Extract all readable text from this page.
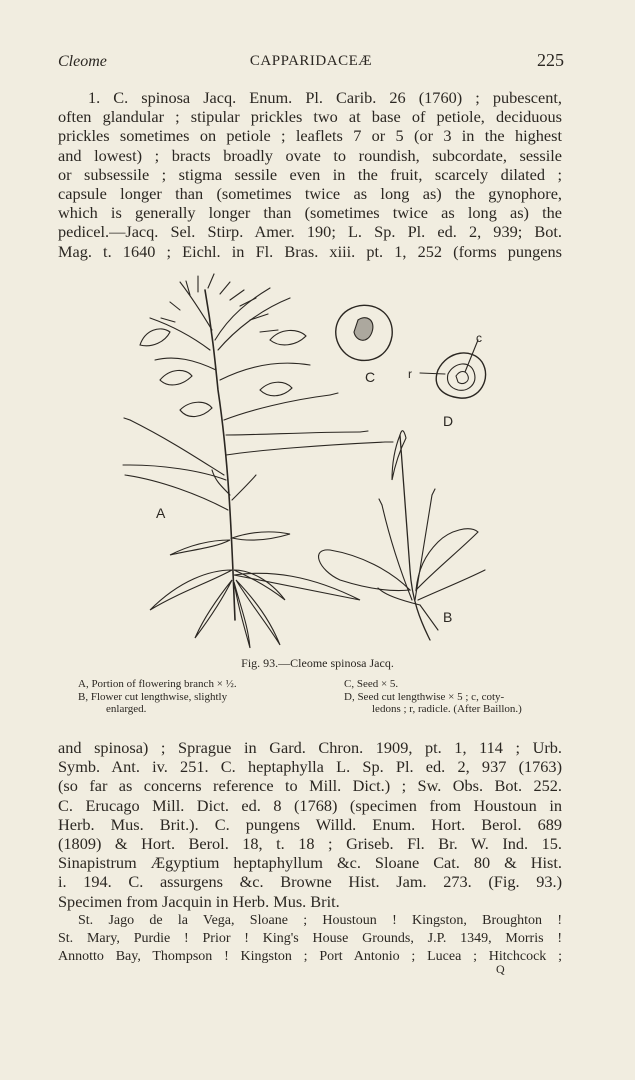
Cleome	CAPPARIDACEÆ	225
1. C. spinosa Jacq. Enum. Pl. Carib. 26 (1760) ; pubescent,
often glandular ; stipular prickles two at base of petiole, deciduous
prickles sometimes on petiole ; leaflets 7 or 5 (or 3 in the highest
and lowest) ; bracts broadly ovate to roundish, subcordate, sessile
or subsessile ; stigma sessile even in the fruit, scarcely dilated ;
capsule longer than (sometimes twice as long as) the gynophore,
which is generally longer than (sometimes twice as long as) the
pedicel.—Jacq. Sel. Stirp. Amer. 190; L. Sp. Pl. ed. 2, 939; Bot.
Mag. t. 1640 ; Eichl. in Fl. Bras. xiii. pt. 1, 252 (forms pungens
A
B
C
D
c
r
Fig. 93.—Cleome spinosa Jacq.
A, Portion of flowering branch × ½.
B, Flower cut lengthwise, slightly
enlarged.
C, Seed × 5.
D, Seed cut lengthwise × 5 ; c, coty-
ledons ; r, radicle. (After Baillon.)
and spinosa) ; Sprague in Gard. Chron. 1909, pt. 1, 114 ; Urb.
Symb. Ant. iv. 251. C. heptaphylla L. Sp. Pl. ed. 2, 937 (1763)
(so far as concerns reference to Mill. Dict.) ; Sw. Obs. Bot. 252.
C. Erucago Mill. Dict. ed. 8 (1768) (specimen from Houstoun in
Herb. Mus. Brit.). C. pungens Willd. Enum. Hort. Berol. 689
(1809) & Hort. Berol. 18, t. 18 ; Griseb. Fl. Br. W. Ind. 15.
Sinapistrum Ægyptium heptaphyllum &c. Sloane Cat. 80 & Hist.
i. 194. C. assurgens &c. Browne Hist. Jam. 273. (Fig. 93.)
Specimen from Jacquin in Herb. Mus. Brit.
St. Jago de la Vega, Sloane ; Houstoun ! Kingston, Broughton !
St. Mary, Purdie ! Prior ! King's House Grounds, J.P. 1349, Morris !
Annotto Bay, Thompson ! Kingston ; Port Antonio ; Lucea ; Hitchcock ;
Q
